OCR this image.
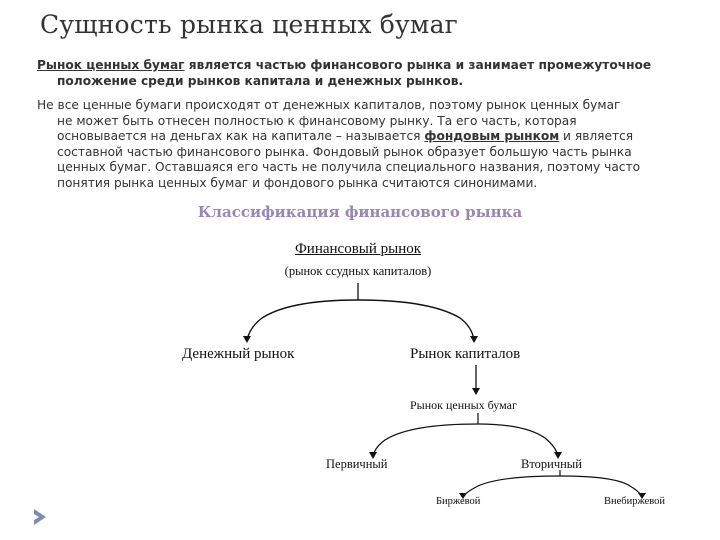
Сущность рынка ценных бумаг
Рынок ценных бумаг является частью финансового рынка и занимает промежуточное
положение среди рынков капитала и денежных рынков.
Не все ценные бумаги происходят от денежных капиталов, поэтому рынок ценных бумаг
не может быть отнесен полностью к финансовому рынку. Та его часть, которая
основывается на деньгах как на капитале – называется фондовым рынком и является
составной частью финансового рынка. Фондовый рынок образует большую часть рынка
ценных бумаг. Оставшаяся его часть не получила специального названия, поэтому часто
понятия рынка ценных бумаг и фондового рынка считаются синонимами.
Классификация финансового рынка
Финансовый рынок
(рынок ссудных капиталов)
Денежный рынок	Рынок капиталов
Рынок ценных бумаг
Первичный	Вторичный
Биржевой	Внебиржевой
